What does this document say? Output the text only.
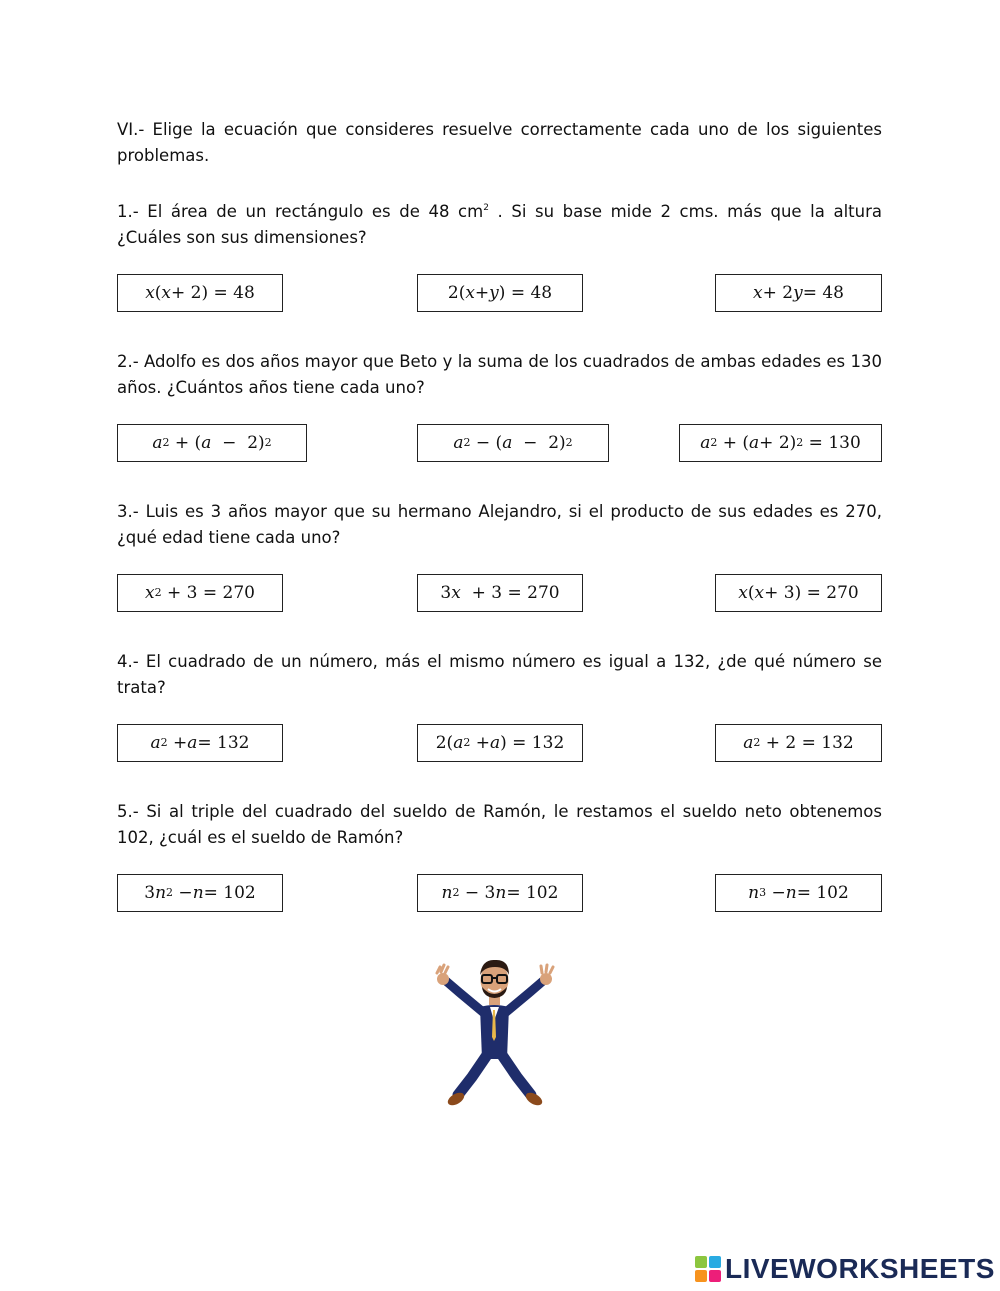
VI.- Elige la ecuación que consideres resuelve correctamente cada uno de los siguientes problemas.

1.- El área de un rectángulo es de 48 $cm^2$ . Si su base mide 2 cms. más que la altura ¿Cuáles son sus dimensiones?

x ( x + 2) = 48	2( x + y ) = 48	x + 2 y = 48

2.- Adolfo es dos años mayor que Beto y la suma de los cuadrados de ambas edades es 130 años. ¿Cuántos años tiene cada uno?

a 2 + ( a −  2) 2	a 2 − ( a −  2) 2	a 2 + ( a + 2) 2 = 130

3.- Luis es 3 años mayor que su hermano Alejandro, si el producto de sus edades es 270, ¿qué edad tiene cada uno?

x 2 + 3 = 270	3 x + 3 = 270	x ( x + 3) = 270

4.- El cuadrado de un número, más el mismo número es igual a 132, ¿de qué número se trata?

a 2 + a = 132	2( a 2 + a ) = 132	a 2 + 2 = 132

5.- Si al triple del cuadrado del sueldo de Ramón, le restamos el sueldo neto obtenemos 102, ¿cuál es el sueldo de Ramón?

3 n 2 − n = 102	n 2 − 3 n = 102	n 3 − n = 102
LIVEWORKSHEETS
